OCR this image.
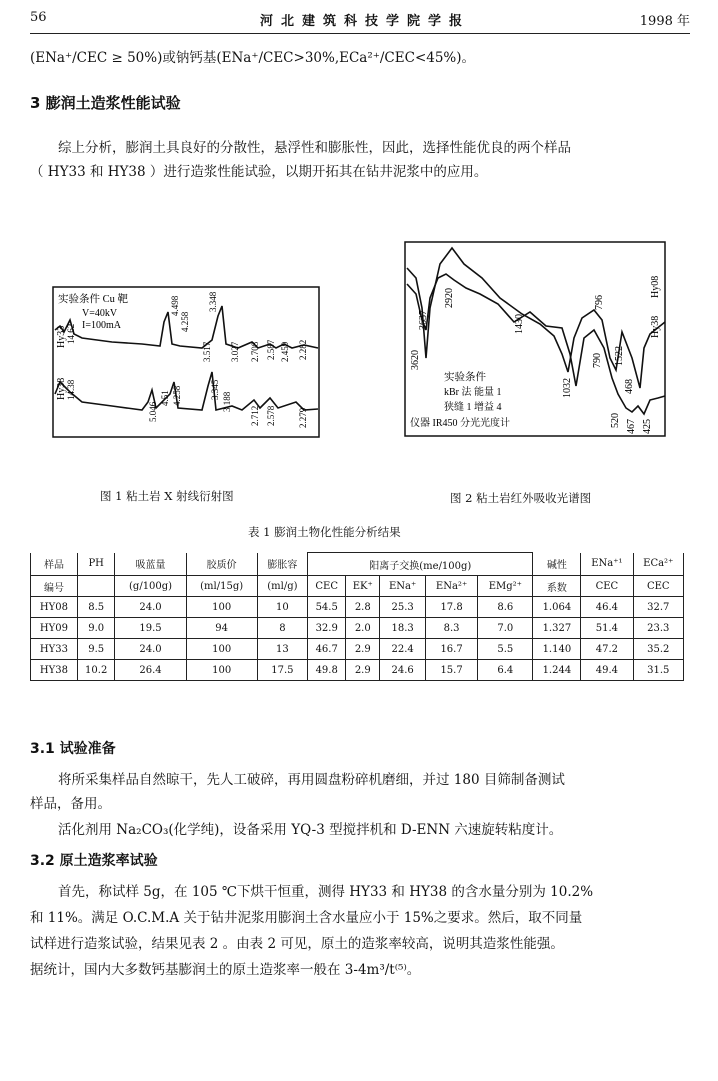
56	河北建筑科技学院学报	1998 年
(ENa⁺/CEC ≥ 50%)或钠钙基(ENa⁺/CEC>30%,ECa²⁺/CEC<45%)。
3 膨润土造浆性能试验
综上分析，膨润土具良好的分散性，悬浮性和膨胀性，因此，选择性能优良的两个样品
（ HY33 和 HY38 ）进行造浆性能试验，以期开拓其在钻井泥浆中的应用。
实验条件 Cu 靶
V=40kV
I=100mA
Hy33 14.62
4.498
4.258
3.517
3.348
3.027 2.708 2.587 2.459 2.282
Hy38 14.38
5.046
4.51 4.258	3.345
3.188
2.712 2.578 2.279
3620
3637
2920
1430
1032
790
796
1522
468
520 467 425
Hy08
Hy38
实验条件
kBr 法 能量 1
狭缝 1 增益 4
仪器 IR450 分光光度计
图 1 粘土岩 X 射线衍射图	图 2 粘土岩红外吸收光谱图
表 1 膨润土物化性能分析结果
样品	PH	吸蓝量	胶质价	膨胀容	阳离子交换(me/100g)					碱性	ENa⁺¹	ECa²⁺
编号		(g/100g)	(ml/15g)	(ml/g)	CEC	EK⁺	ENa⁺	ENa²⁺	EMg²⁺	系数	CEC	CEC
HY08	8.5	24.0	100	10	54.5	2.8	25.3	17.8	8.6	1.064	46.4	32.7
HY09	9.0	19.5	94	8	32.9	2.0	18.3	8.3	7.0	1.327	51.4	23.3
HY33	9.5	24.0	100	13	46.7	2.9	22.4	16.7	5.5	1.140	47.2	35.2
HY38	10.2	26.4	100	17.5	49.8	2.9	24.6	15.7	6.4	1.244	49.4	31.5
3.1 试验准备
将所采集样品自然晾干，先人工破碎，再用圆盘粉碎机磨细，并过 180 目筛制备测试
样品，备用。
活化剂用 Na₂CO₃(化学纯)，设备采用 YQ-3 型搅拌机和 D-ENN 六速旋转粘度计。
3.2 原土造浆率试验
首先，称试样 5g，在 105 ℃下烘干恒重，测得 HY33 和 HY38 的含水量分别为 10.2%
和 11%。满足 O.C.M.A 关于钻井泥浆用膨润土含水量应小于 15%之要求。然后，取不同量
试样进行造浆试验，结果见表 2 。由表 2 可见，原土的造浆率较高，说明其造浆性能强。
据统计，国内大多数钙基膨润土的原土造浆率一般在 3-4m³/t⁽⁵⁾。
